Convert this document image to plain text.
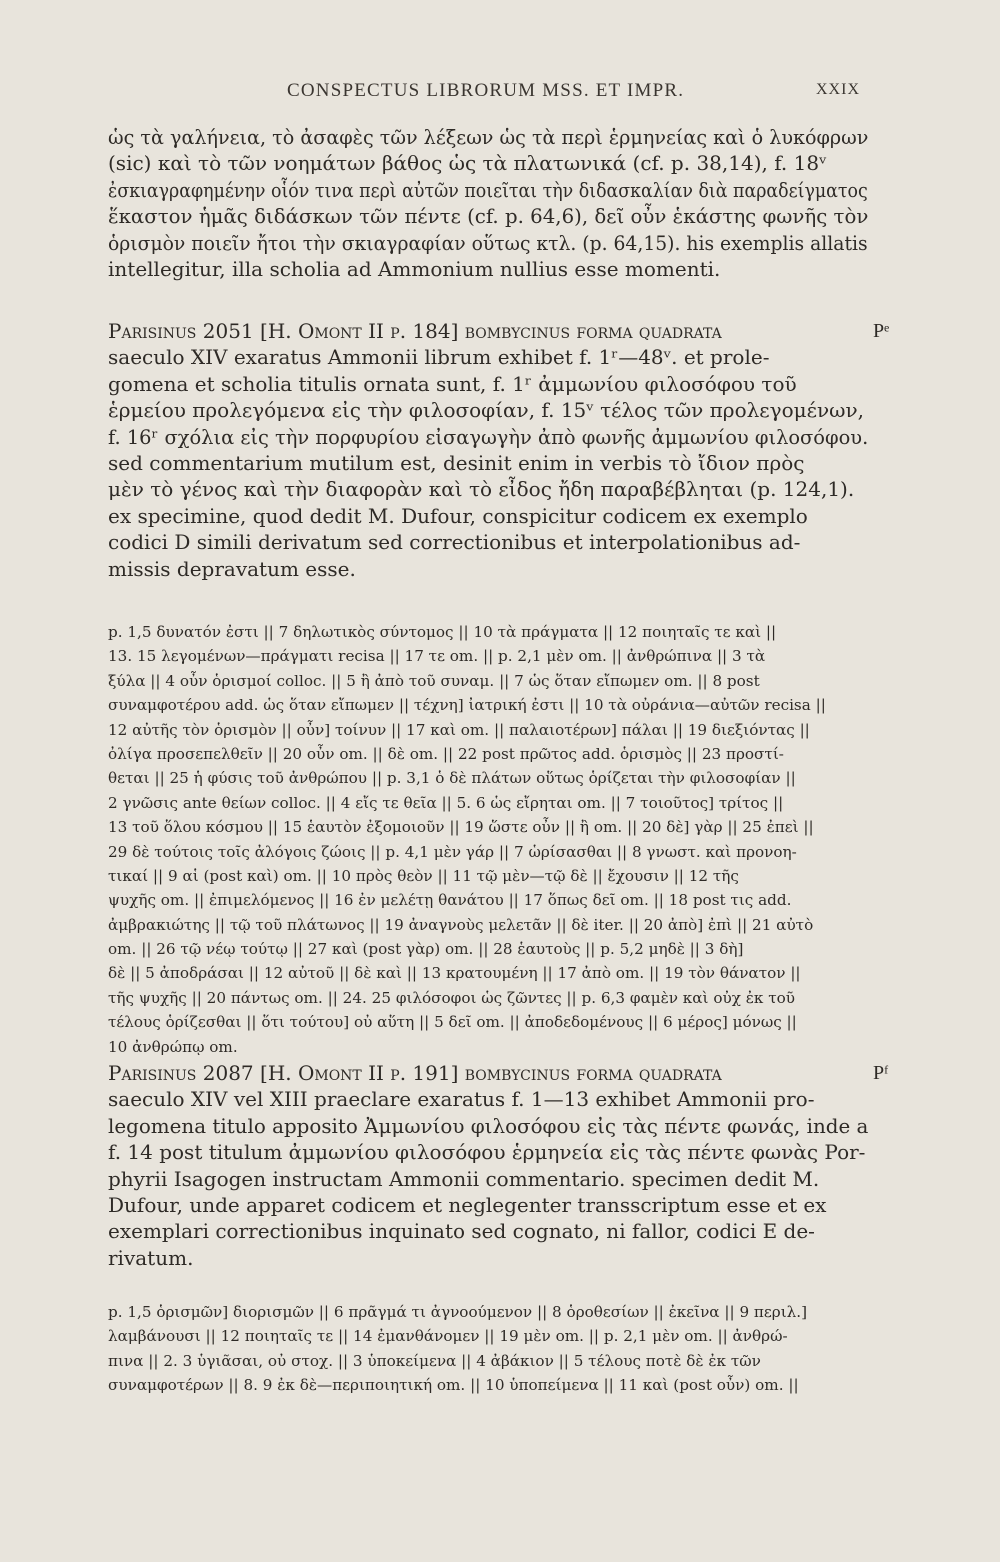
CONSPECTUS LIBRORUM MSS. ET IMPR.	XXIX
ὡς τὰ γαλήνεια, τὸ ἀσαφὲς τῶν λέξεων ὡς τὰ περὶ ἑρμηνείας καὶ ὁ λυκόφρων
(sic) καὶ τὸ τῶν νοημάτων βάθος ὡς τὰ πλατωνικά (cf. p. 38,14), f. 18ᵛ
ἐσκιαγραφημένην οἷόν τινα περὶ αὐτῶν ποιεῖται τὴν διδασκαλίαν διὰ παραδείγματος
ἕκαστον ἡμᾶς διδάσκων τῶν πέντε (cf. p. 64,6), δεῖ οὖν ἑκάστης φωνῆς τὸν
ὁρισμὸν ποιεῖν ἤτοι τὴν σκιαγραφίαν οὕτως κτλ. (p. 64,15). his exemplis allatis
intellegitur, illa scholia ad Ammonium nullius esse momenti.
Parisinus 2051 [H. Omont II p. 184] bombycinus forma quadrata
saeculo XIV exaratus Ammonii librum exhibet f. 1ʳ—48ᵛ. et prole-
gomena et scholia titulis ornata sunt, f. 1ʳ ἀμμωνίου φιλοσόφου τοῦ
ἑρμείου προλεγόμενα εἰς τὴν φιλοσοφίαν, f. 15ᵛ τέλος τῶν προλεγομένων,
f. 16ʳ σχόλια εἰς τὴν πορφυρίου εἰσαγωγὴν ἀπὸ φωνῆς ἀμμωνίου φιλοσόφου.
sed commentarium mutilum est, desinit enim in verbis τὸ ἴδιον πρὸς
μὲν τὸ γένος καὶ τὴν διαφορὰν καὶ τὸ εἶδος ἤδη παραβέβληται (p. 124,1).
ex specimine, quod dedit M. Dufour, conspicitur codicem ex exemplo
codici D simili derivatum sed correctionibus et interpolationibus ad-
missis depravatum esse.
Pᵉ
p. 1,5 δυνατόν ἐστι || 7 δηλωτικὸς σύντομος || 10 τὰ πράγματα || 12 ποιηταῖς τε καὶ ||
13. 15 λεγομένων—πράγματι recisa || 17 τε om. || p. 2,1 μὲν om. || ἀνθρώπινα || 3 τὰ
ξύλα || 4 οὖν ὁρισμοί colloc. || 5 ἢ ἀπὸ τοῦ συναμ. || 7 ὡς ὅταν εἴπωμεν om. || 8 post
συναμφοτέρου add. ὡς ὅταν εἴπωμεν || τέχνη] ἰατρική ἐστι || 10 τὰ οὐράνια—αὐτῶν recisa ||
12 αὐτῆς τὸν ὁρισμὸν || οὖν] τοίνυν || 17 καὶ om. || παλαιοτέρων] πάλαι || 19 διεξιόντας ||
ὀλίγα προσεπελθεῖν || 20 οὖν om. || δὲ om. || 22 post πρῶτος add. ὁρισμὸς || 23 προστί-
θεται || 25 ἡ φύσις τοῦ ἀνθρώπου || p. 3,1 ὁ δὲ πλάτων οὕτως ὁρίζεται τὴν φιλοσοφίαν ||
2 γνῶσις ante θείων colloc. || 4 εἴς τε θεῖα || 5. 6 ὡς εἴρηται om. || 7 τοιοῦτος] τρίτος ||
13 τοῦ ὅλου κόσμου || 15 ἑαυτὸν ἐξομοιοῦν || 19 ὥστε οὖν || ἢ om. || 20 δὲ] γὰρ || 25 ἐπεὶ ||
29 δὲ τούτοις τοῖς ἀλόγοις ζώοις || p. 4,1 μὲν γάρ || 7 ὡρίσασθαι || 8 γνωστ. καὶ προνοη-
τικαί || 9 αἱ (post καὶ) om. || 10 πρὸς θεὸν || 11 τῷ μὲν—τῷ δὲ || ἔχουσιν || 12 τῆς
ψυχῆς om. || ἐπιμελόμενος || 16 ἐν μελέτῃ θανάτου || 17 ὅπως δεῖ om. || 18 post τις add.
ἀμβρακιώτης || τῷ τοῦ πλάτωνος || 19 ἀναγνοὺς μελετᾶν || δὲ iter. || 20 ἀπὸ] ἐπὶ || 21 αὐτὸ
om. || 26 τῷ νέῳ τούτῳ || 27 καὶ (post γὰρ) om. || 28 ἑαυτοὺς || p. 5,2 μηδὲ || 3 δὴ]
δὲ || 5 ἀποδράσαι || 12 αὐτοῦ || δὲ καὶ || 13 κρατουμένη || 17 ἀπὸ om. || 19 τὸν θάνατον ||
τῆς ψυχῆς || 20 πάντως om. || 24. 25 φιλόσοφοι ὡς ζῶντες || p. 6,3 φαμὲν καὶ οὐχ ἐκ τοῦ
τέλους ὁρίζεσθαι || ὅτι τούτου] οὐ αὕτη || 5 δεῖ om. || ἀποδεδομένους || 6 μέρος] μόνως ||
10 ἀνθρώπῳ om.
Parisinus 2087 [H. Omont II p. 191] bombycinus forma quadrata
saeculo XIV vel XIII praeclare exaratus f. 1—13 exhibet Ammonii pro-
legomena titulo apposito Ἀμμωνίου φιλοσόφου εἰς τὰς πέντε φωνάς, inde a
f. 14 post titulum ἀμμωνίου φιλοσόφου ἑρμηνεία εἰς τὰς πέντε φωνὰς Por-
phyrii Isagogen instructam Ammonii commentario. specimen dedit M.
Dufour, unde apparet codicem et neglegenter transscriptum esse et ex
exemplari correctionibus inquinato sed cognato, ni fallor, codici E de-
rivatum.
Pᶠ
p. 1,5 ὁρισμῶν] διορισμῶν || 6 πρᾶγμά τι ἀγνοούμενον || 8 ὁροθεσίων || ἐκεῖνα || 9 περιλ.]
λαμβάνουσι || 12 ποιηταῖς τε || 14 ἐμανθάνομεν || 19 μὲν om. || p. 2,1 μὲν om. || ἀνθρώ-
πινα || 2. 3 ὑγιᾶσαι, οὐ στοχ. || 3 ὑποκείμενα || 4 ἀβάκιον || 5 τέλους ποτὲ δὲ ἐκ τῶν
συναμφοτέρων || 8. 9 ἐκ δὲ—περιποιητική om. || 10 ὑποπείμενα || 11 καὶ (post οὖν) om. ||
